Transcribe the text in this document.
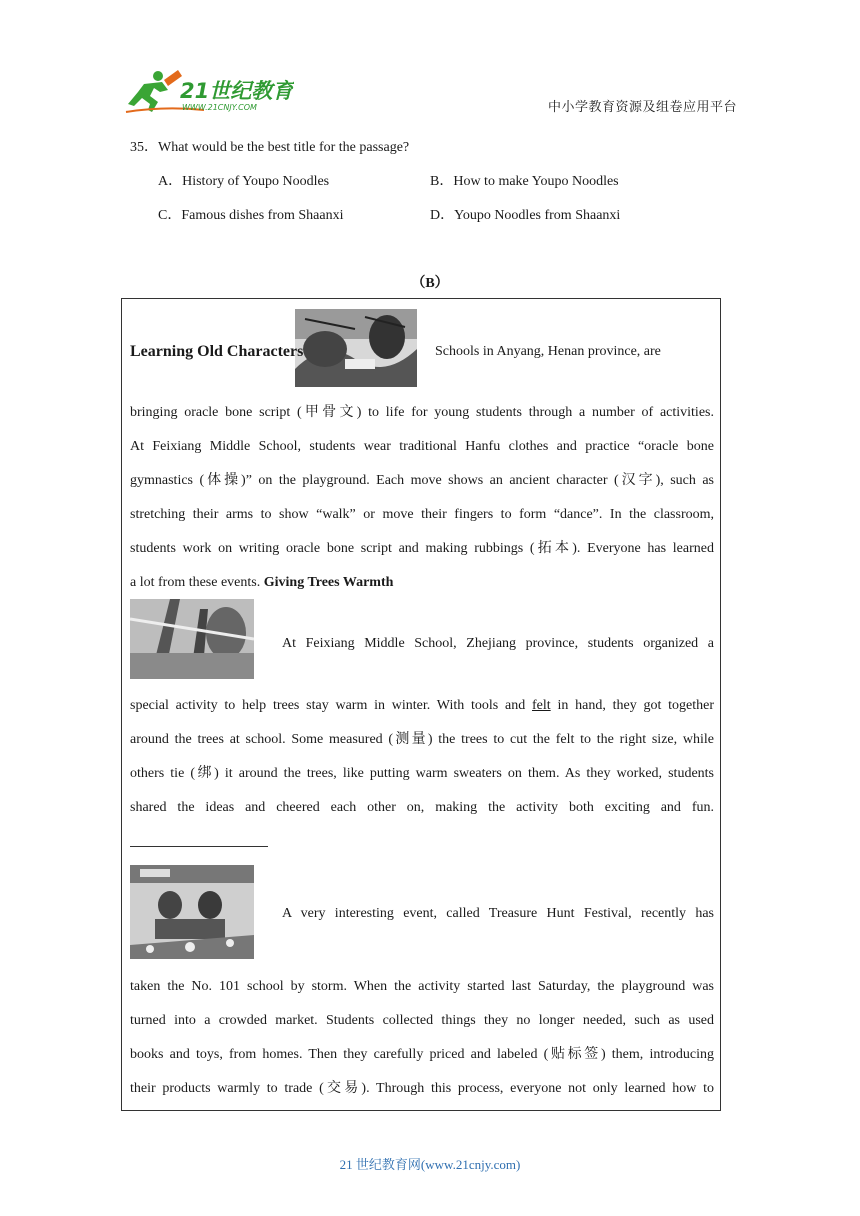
21世纪教育
WWW.21CNJY.COM	中小学教育资源及组卷应用平台
35．What would be the best title for the passage?
A．History of Youpo Noodles	B．How to make Youpo Noodles
C．Famous dishes from Shaanxi	D．Youpo Noodles from Shaanxi
（B）
Learning Old Characters	Schools in Anyang, Henan province, are
bringing oracle bone script (甲骨文) to life for young students through a number of activities.
At Feixiang Middle School, students wear traditional Hanfu clothes and practice “oracle bone
gymnastics (体操)” on the playground. Each move shows an ancient character (汉字), such as
stretching their arms to show “walk” or move their fingers to form “dance”. In the classroom,
students work on writing oracle bone script and making rubbings (拓本). Everyone has learned
a lot from these events. Giving Trees Warmth
At Feixiang Middle School, Zhejiang province, students organized a
special activity to help trees stay warm in winter. With tools and felt in hand, they got together
around the trees at school. Some measured (测量) the trees to cut the felt to the right size, while
others tie (绑) it around the trees, like putting warm sweaters on them. As they worked, students
shared the ideas and cheered each other on, making the activity both exciting and fun.
A very interesting event, called Treasure Hunt Festival, recently has
taken the No. 101 school by storm. When the activity started last Saturday, the playground was
turned into a crowded market. Students collected things they no longer needed, such as used
books and toys, from homes. Then they carefully priced and labeled (贴标签) them, introducing
their products warmly to trade (交易). Through this process, everyone not only learned how to
21 世纪教育网(www.21cnjy.com)
